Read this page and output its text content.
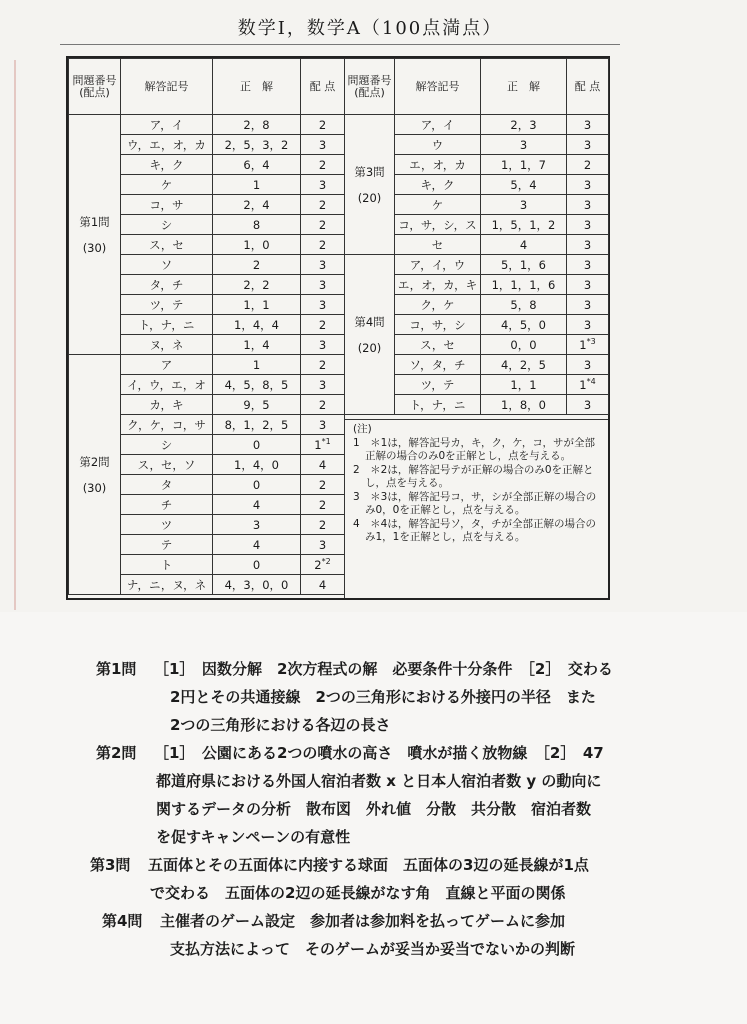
数学Ⅰ，数学A（100点満点）
問題番号(配点)	解答記号	正　解	配 点

第1問
(30)	ア，イ	2，8	2
	ウ，エ，オ，カ	2，5，3，2	3
	キ，ク	6，4	2
	ケ	1	3
	コ，サ	2，4	2
	シ	8	2
	ス，セ	1，0	2
	ソ	2	3
	タ，チ	2，2	3
	ツ，テ	1，1	3
	ト，ナ，ニ	1，4，4	2
	ヌ，ネ	1，4	3

第2問
(30)	ア	1	2
	イ，ウ，エ，オ	4，5，8，5	3
	カ，キ	9，5	2
	ク，ケ，コ，サ	8，1，2，5	3
	シ	0	1$^{*1}$
	ス，セ，ソ	1，4，0	4
	タ	0	2
	チ	4	2
	ツ	3	2
	テ	4	3
	ト	0	2$^{*2}$
	ナ，ニ，ヌ，ネ	4，3，0，0	4
問題番号(配点)	解答記号	正　解	配 点

第3問
(20)	ア，イ	2，3	3
	ウ	3	3
	エ，オ，カ	1，1，7	2
	キ，ク	5，4	3
	ケ	3	3
	コ，サ，シ，ス	1，5，1，2	3
	セ	4	3

第4問
(20)	ア，イ，ウ	5，1，6	3
	エ，オ，カ，キ	1，1，1，6	3
	ク，ケ	5，8	3
	コ，サ，シ	4，5，0	3
	ス，セ	0，0	1$^{*3}$
	ソ，タ，チ	4，2，5	3
	ツ，テ	1，1	1$^{*4}$
	ト，ナ，ニ	1，8，0	3

(注)

1　＊1は，解答記号カ，キ，ク，ケ，コ，サが全部正解の場合のみ0を正解とし，点を与える。

2　＊2は，解答記号テが正解の場合のみ0を正解とし，点を与える。

3　＊3は，解答記号コ，サ，シが全部正解の場合のみ0，0を正解とし，点を与える。

4　＊4は，解答記号ソ，タ，チが全部正解の場合のみ1，1を正解とし，点を与える。

第1問 ［1］　因数分解　2次方程式の解　必要条件十分条件　［2］　交わる
2円とその共通接線　2つの三角形における外接円の半径　また
2つの三角形における各辺の長さ
第2問 ［1］　公園にある2つの噴水の高さ　噴水が描く放物線　［2］　47
都道府県における外国人宿泊者数 x と日本人宿泊者数 y の動向に
関するデータの分析　散布図　外れ値　分散　共分散　宿泊者数
を促すキャンペーンの有意性
第3問 五面体とその五面体に内接する球面　五面体の3辺の延長線が1点
で交わる　五面体の2辺の延長線がなす角　直線と平面の関係
第4問 主催者のゲーム設定　参加者は参加料を払ってゲームに参加
支払方法によって　そのゲームが妥当か妥当でないかの判断
